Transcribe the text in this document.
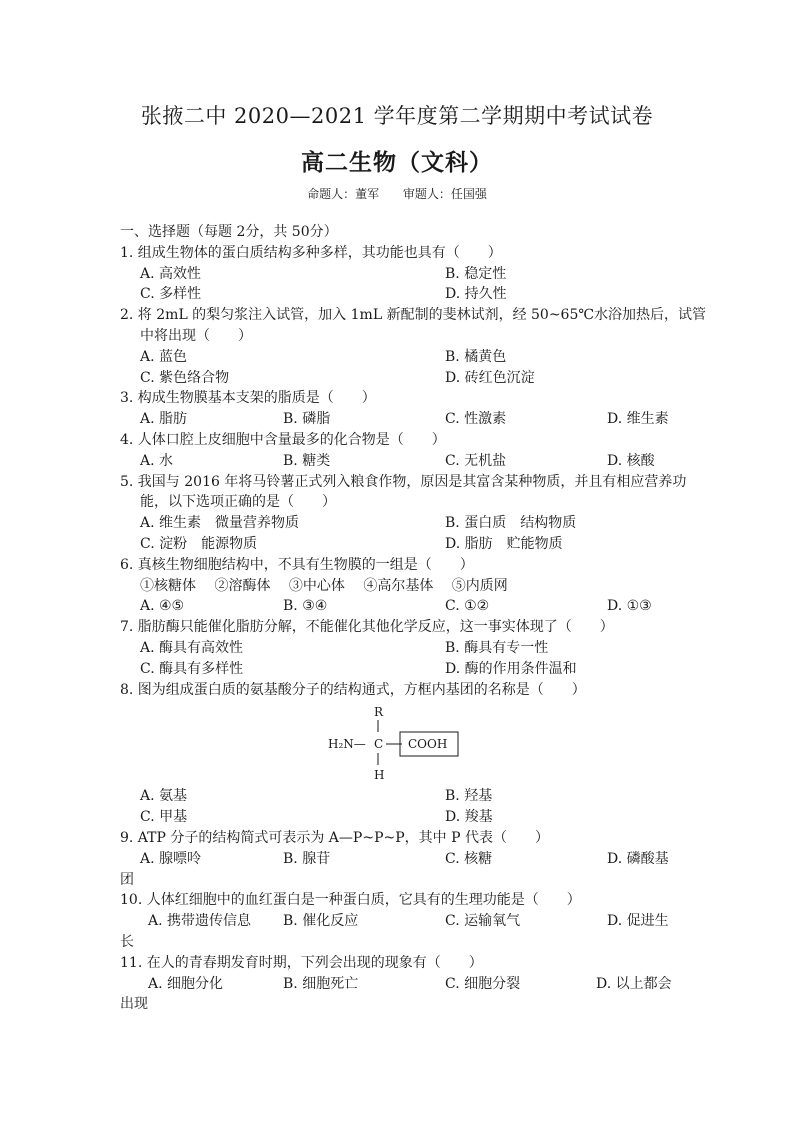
张掖二中 2020—2021 学年度第二学期期中考试试卷
高二生物（文科）
命题人：董军 审题人：任国强
一、选择题（每题 2分，共 50分）
1. 组成生物体的蛋白质结构多种多样，其功能也具有（　　）
A. 高效性	B. 稳定性
C. 多样性	D. 持久性
2. 将 2mL 的梨匀浆注入试管，加入 1mL 新配制的斐林试剂，经 50~65℃水浴加热后，试管
中将出现（　　）
A. 蓝色	B. 橘黄色
C. 紫色络合物	D. 砖红色沉淀
3. 构成生物膜基本支架的脂质是（　　）
A. 脂肪	B. 磷脂	C. 性激素	D. 维生素
4. 人体口腔上皮细胞中含量最多的化合物是（　　）
A. 水	B. 糖类	C. 无机盐	D. 核酸
5. 我国与 2016 年将马铃薯正式列入粮食作物，原因是其富含某种物质，并且有相应营养功
能，以下选项正确的是（　　）
A. 维生素　微量营养物质	B. 蛋白质　结构物质
C. 淀粉　能源物质	D. 脂肪　贮能物质
6. 真核生物细胞结构中，不具有生物膜的一组是（　　）
①核糖体　 ②溶酶体　 ③中心体　 ④高尔基体　 ⑤内质网
A. ④⑤	B. ③④	C. ①②	D. ①③
7. 脂肪酶只能催化脂肪分解，不能催化其他化学反应，这一事实体现了（　　）
A. 酶具有高效性	B. 酶具有专一性
C. 酶具有多样性	D. 酶的作用条件温和
8. 图为组成蛋白质的氨基酸分子的结构通式，方框内基团的名称是（　　）
R
H₂N— C COOH
H
A. 氨基	B. 羟基
C. 甲基	D. 羧基
9. ATP 分子的结构简式可表示为 A—P~P~P，其中 P 代表（　　）
A. 腺嘌呤	B. 腺苷	C. 核糖	D. 磷酸基
团
10. 人体红细胞中的血红蛋白是一种蛋白质，它具有的生理功能是（　　）
A. 携带遗传信息 B. 催化反应	C. 运输氧气	D. 促进生
长
11. 在人的青春期发育时期，下列会出现的现象有（　　）
A. 细胞分化	B. 细胞死亡	C. 细胞分裂	D. 以上都会
出现
